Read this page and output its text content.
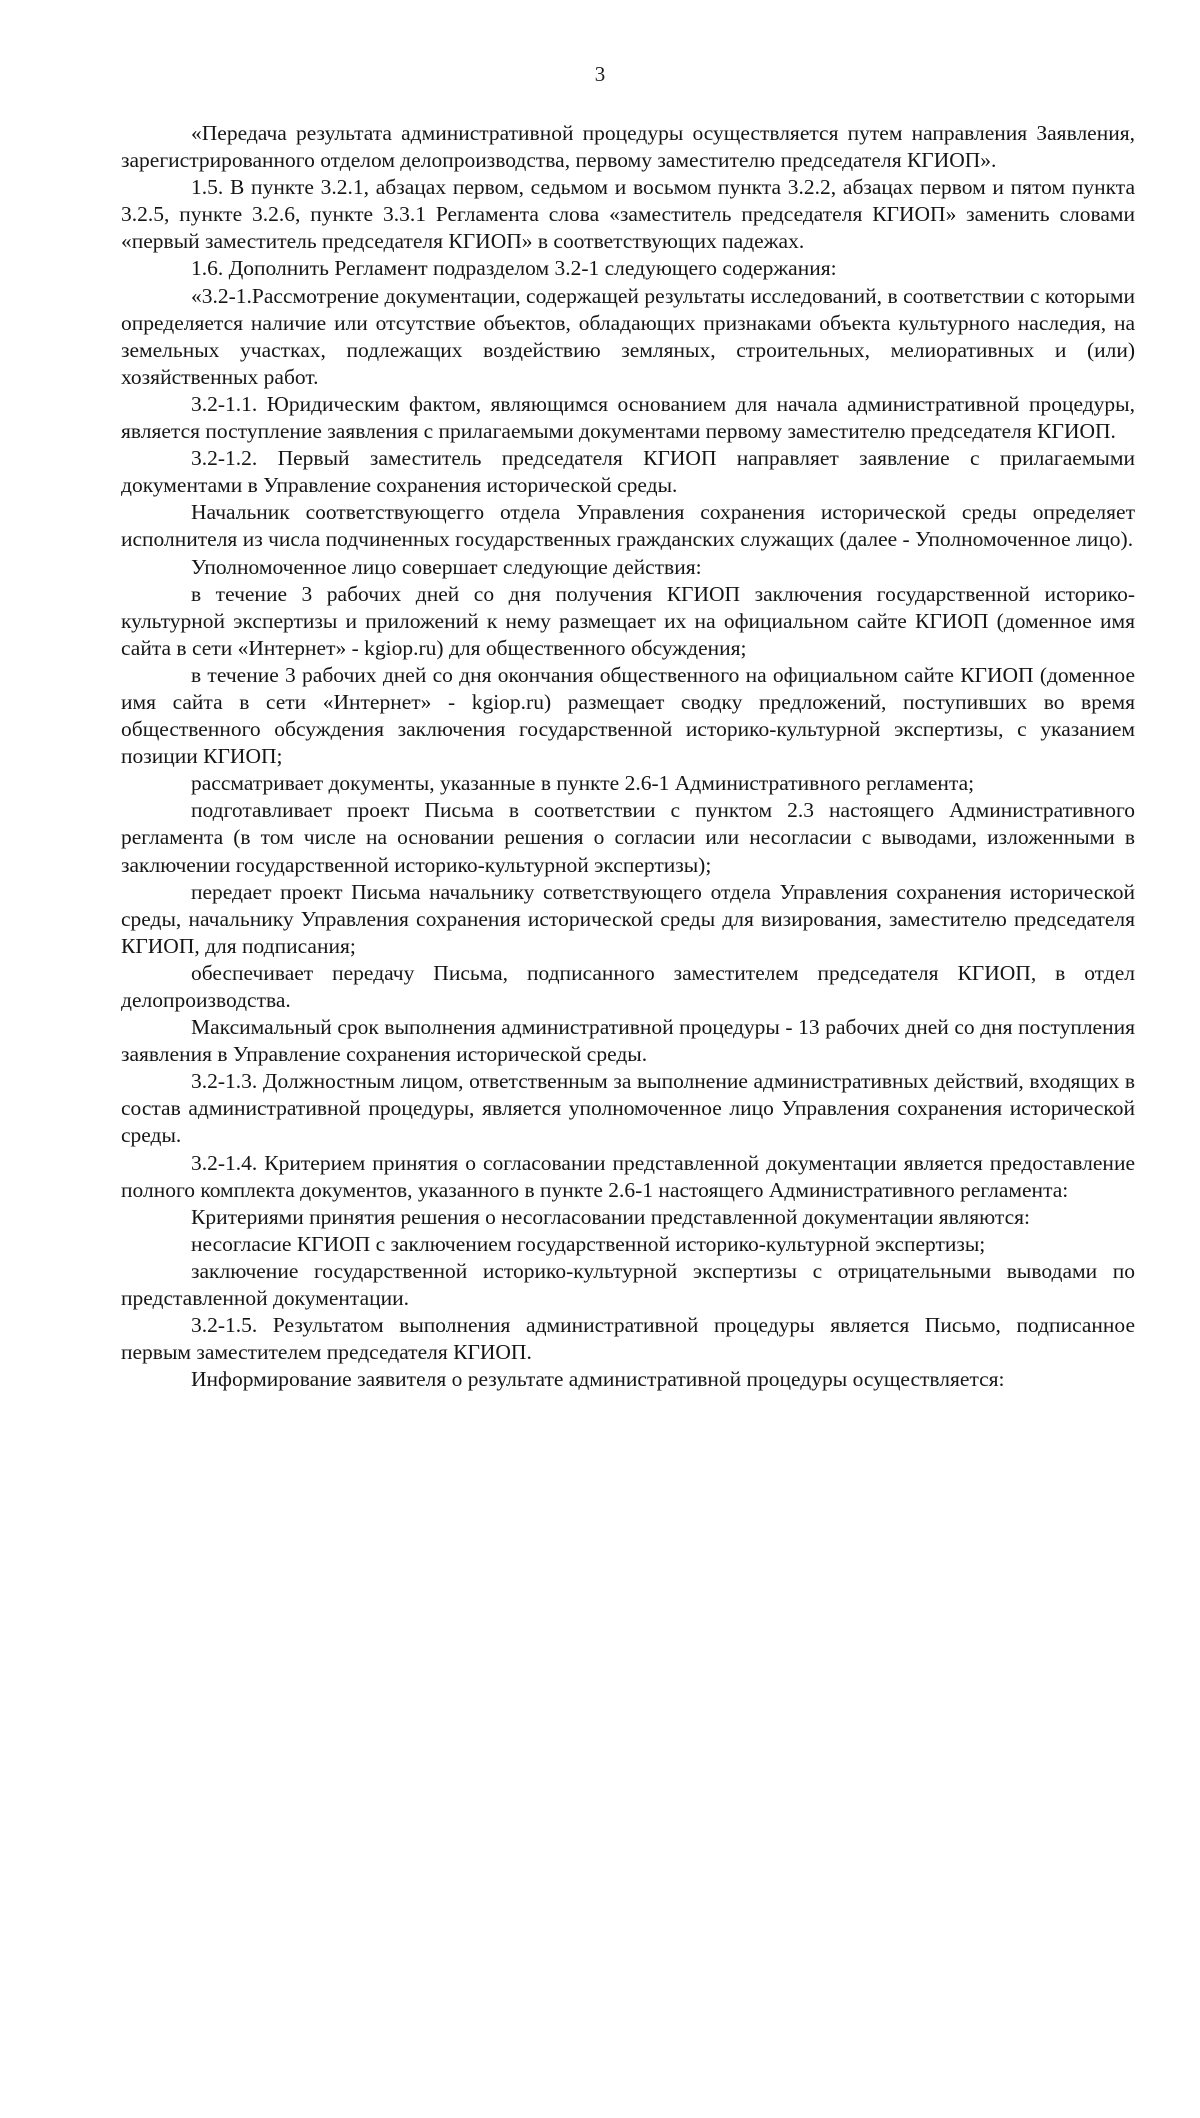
3

«Передача результата административной процедуры осуществляется путем направления Заявления, зарегистрированного отделом делопроизводства, первому заместителю председателя КГИОП».

1.5. В пункте 3.2.1, абзацах первом, седьмом и восьмом пункта 3.2.2, абзацах первом и пятом пункта 3.2.5, пункте 3.2.6, пункте 3.3.1 Регламента слова «заместитель председателя КГИОП» заменить словами «первый заместитель председателя КГИОП» в соответствующих падежах.

1.6. Дополнить Регламент подразделом 3.2-1 следующего содержания:

«3.2-1.Рассмотрение документации, содержащей результаты исследований, в соответствии с которыми определяется наличие или отсутствие объектов, обладающих признаками объекта культурного наследия, на земельных участках, подлежащих воздействию земляных, строительных, мелиоративных и (или) хозяйственных работ.

3.2-1.1. Юридическим фактом, являющимся основанием для начала административной процедуры, является поступление заявления с прилагаемыми документами первому заместителю председателя КГИОП.

3.2-1.2. Первый заместитель председателя КГИОП направляет заявление с прилагаемыми документами в Управление сохранения исторической среды.

Начальник соответствующегго отдела Управления сохранения исторической среды определяет исполнителя из числа подчиненных государственных гражданских служащих (далее - Уполномоченное лицо).

Уполномоченное лицо совершает следующие действия:

в течение 3 рабочих дней со дня получения КГИОП заключения государственной историко-культурной экспертизы и приложений к нему размещает их на официальном сайте КГИОП (доменное имя сайта в сети «Интернет» - kgiop.ru) для общественного обсуждения;

в течение 3 рабочих дней со дня окончания общественного на официальном сайте КГИОП (доменное имя сайта в сети «Интернет» - kgiop.ru) размещает сводку предложений, поступивших во время общественного обсуждения заключения государственной историко-культурной экспертизы, с указанием позиции КГИОП;

рассматривает документы, указанные в пункте 2.6-1 Административного регламента;

подготавливает проект Письма в соответствии с пунктом 2.3 настоящего Административного регламента (в том числе на основании решения о согласии или несогласии с выводами, изложенными в заключении государственной историко-культурной экспертизы);

передает проект Письма начальнику сответствующего отдела Управления сохранения исторической среды, начальнику Управления сохранения исторической среды для визирования, заместителю председателя КГИОП, для подписания;

обеспечивает передачу Письма, подписанного заместителем председателя КГИОП, в отдел делопроизводства.

Максимальный срок выполнения административной процедуры - 13 рабочих дней со дня поступления заявления в Управление сохранения исторической среды.

3.2-1.3. Должностным лицом, ответственным за выполнение административных действий, входящих в состав административной процедуры, является уполномоченное лицо Управления сохранения исторической среды.

3.2-1.4. Критерием принятия о согласовании представленной документации является предоставление полного комплекта документов, указанного в пункте 2.6-1 настоящего Административного регламента:

Критериями принятия решения о несогласовании представленной документации являются:

несогласие КГИОП с заключением государственной историко-культурной экспертизы;

заключение государственной историко-культурной экспертизы с отрицательными выводами по представленной документации.

3.2-1.5. Результатом выполнения административной процедуры является Письмо, подписанное первым заместителем председателя КГИОП.

Информирование заявителя о результате административной процедуры осуществляется:
